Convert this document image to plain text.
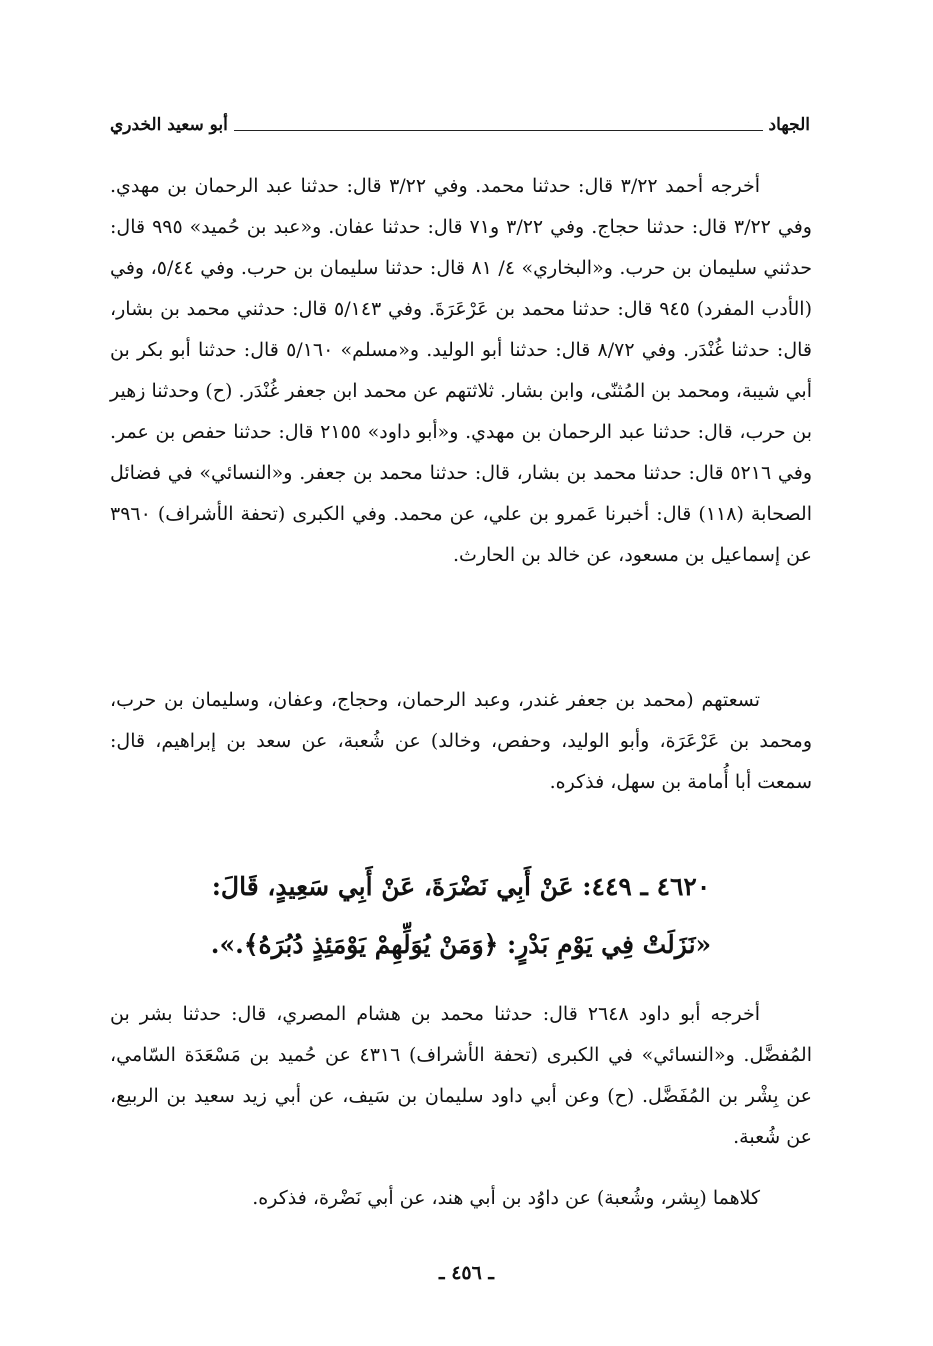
الجهاد
أبو سعيد الخدري

أخرجه أحمد ٣/٢٢ قال: حدثنا محمد. وفي ٣/٢٢ قال: حدثنا عبد الرحمان بن مهدي. وفي ٣/٢٢ قال: حدثنا حجاج. وفي ٣/٢٢ و٧١ قال: حدثنا عفان. و«عبد بن حُميد» ٩٩٥ قال: حدثني سليمان بن حرب. و«البخاري» ٤/ ٨١ قال: حدثنا سليمان بن حرب. وفي ٥/٤٤، وفي (الأدب المفرد) ٩٤٥ قال: حدثنا محمد بن عَرْعَرَةَ. وفي ٥/١٤٣ قال: حدثني محمد بن بشار، قال: حدثنا غُنْدَر. وفي ٨/٧٢ قال: حدثنا أبو الوليد. و«مسلم» ٥/١٦٠ قال: حدثنا أبو بكر بن أبي شيبة، ومحمد بن المُثنّى، وابن بشار. ثلاثتهم عن محمد ابن جعفر غُنْدَر. (ح) وحدثنا زهير بن حرب، قال: حدثنا عبد الرحمان بن مهدي. و«أبو داود» ٢١٥٥ قال: حدثنا حفص بن عمر. وفي ٥٢١٦ قال: حدثنا محمد بن بشار، قال: حدثنا محمد بن جعفر. و«النسائي» في فضائل الصحابة (١١٨) قال: أخبرنا عَمرو بن علي، عن محمد. وفي الكبرى (تحفة الأشراف) ٣٩٦٠ عن إسماعيل بن مسعود، عن خالد بن الحارث.

تسعتهم (محمد بن جعفر غندر، وعبد الرحمان، وحجاج، وعفان، وسليمان بن حرب، ومحمد بن عَرْعَرَة، وأبو الوليد، وحفص، وخالد) عن شُعبة، عن سعد بن إبراهيم، قال: سمعت أبا أُمامة بن سهل، فذكره.

٤٦٢٠ ـ ٤٤٩: عَنْ أَبِي نَضْرَةَ، عَنْ أَبِي سَعِيدٍ، قَالَ:

«نَزَلَتْ فِي يَوْمِ بَدْرٍ: ﴿وَمَنْ يُوَلِّهِمْ يَوْمَئِذٍ دُبُرَهُ﴾.».

أخرجه أبو داود ٢٦٤٨ قال: حدثنا محمد بن هشام المصري، قال: حدثنا بشر بن المُفضَّل. و«النسائي» في الكبرى (تحفة الأشراف) ٤٣١٦ عن حُميد بن مَسْعَدَة السّامي، عن بِشْر بن المُفَضَّل. (ح) وعن أبي داود سليمان بن سَيف، عن أبي زيد سعيد بن الربيع، عن شُعبة.

كلاهما (بِشر، وشُعبة) عن داوُد بن أبي هند، عن أبي نَضْرة، فذكره.

ـ ٤٥٦ ـ
